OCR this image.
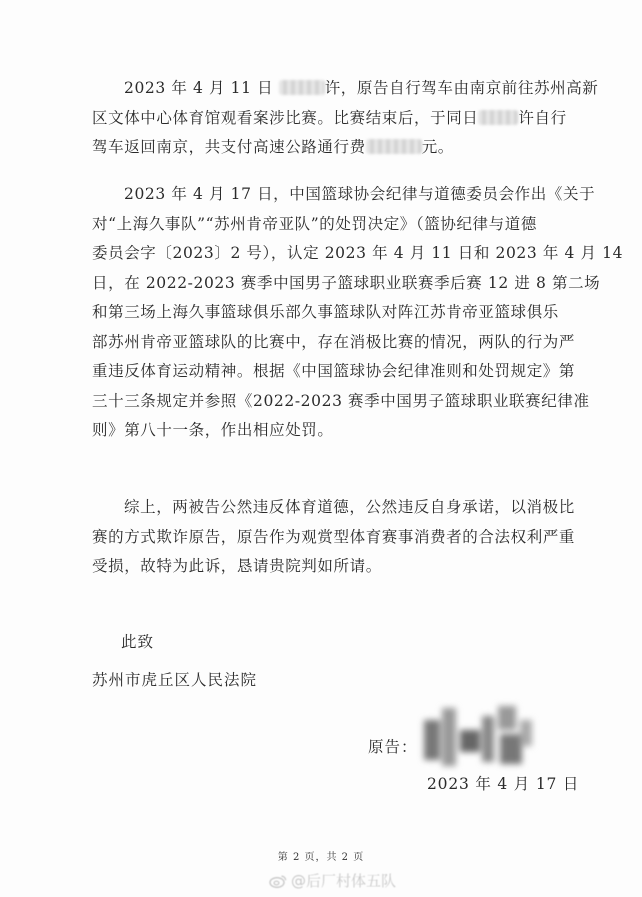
2023 年 4 月 11 日	许，原告自行驾车由南京前往苏州高新
区文体中心体育馆观看案涉比赛。比赛结束后，于同日	许自行
驾车返回南京，共支付高速公路通行费	元。
2023 年 4 月 17 日，中国篮球协会纪律与道德委员会作出《关于
对“上海久事队”“苏州肯帝亚队”的处罚决定》（篮协纪律与道德
委员会字〔2023〕2 号），认定 2023 年 4 月 11 日和 2023 年 4 月 14
日，在 2022-2023 赛季中国男子篮球职业联赛季后赛 12 进 8 第二场
和第三场上海久事篮球俱乐部久事篮球队对阵江苏肯帝亚篮球俱乐
部苏州肯帝亚篮球队的比赛中，存在消极比赛的情况，两队的行为严
重违反体育运动精神。根据《中国篮球协会纪律准则和处罚规定》第
三十三条规定并参照《2022-2023 赛季中国男子篮球职业联赛纪律准
则》第八十一条，作出相应处罚。
综上，两被告公然违反体育道德，公然违反自身承诺，以消极比
赛的方式欺诈原告，原告作为观赏型体育赛事消费者的合法权利严重
受损，故特为此诉，恳请贵院判如所请。
此致
苏州市虎丘区人民法院
原告：
2023 年 4 月 17 日
第 2 页，共 2 页
@后厂村体五队
